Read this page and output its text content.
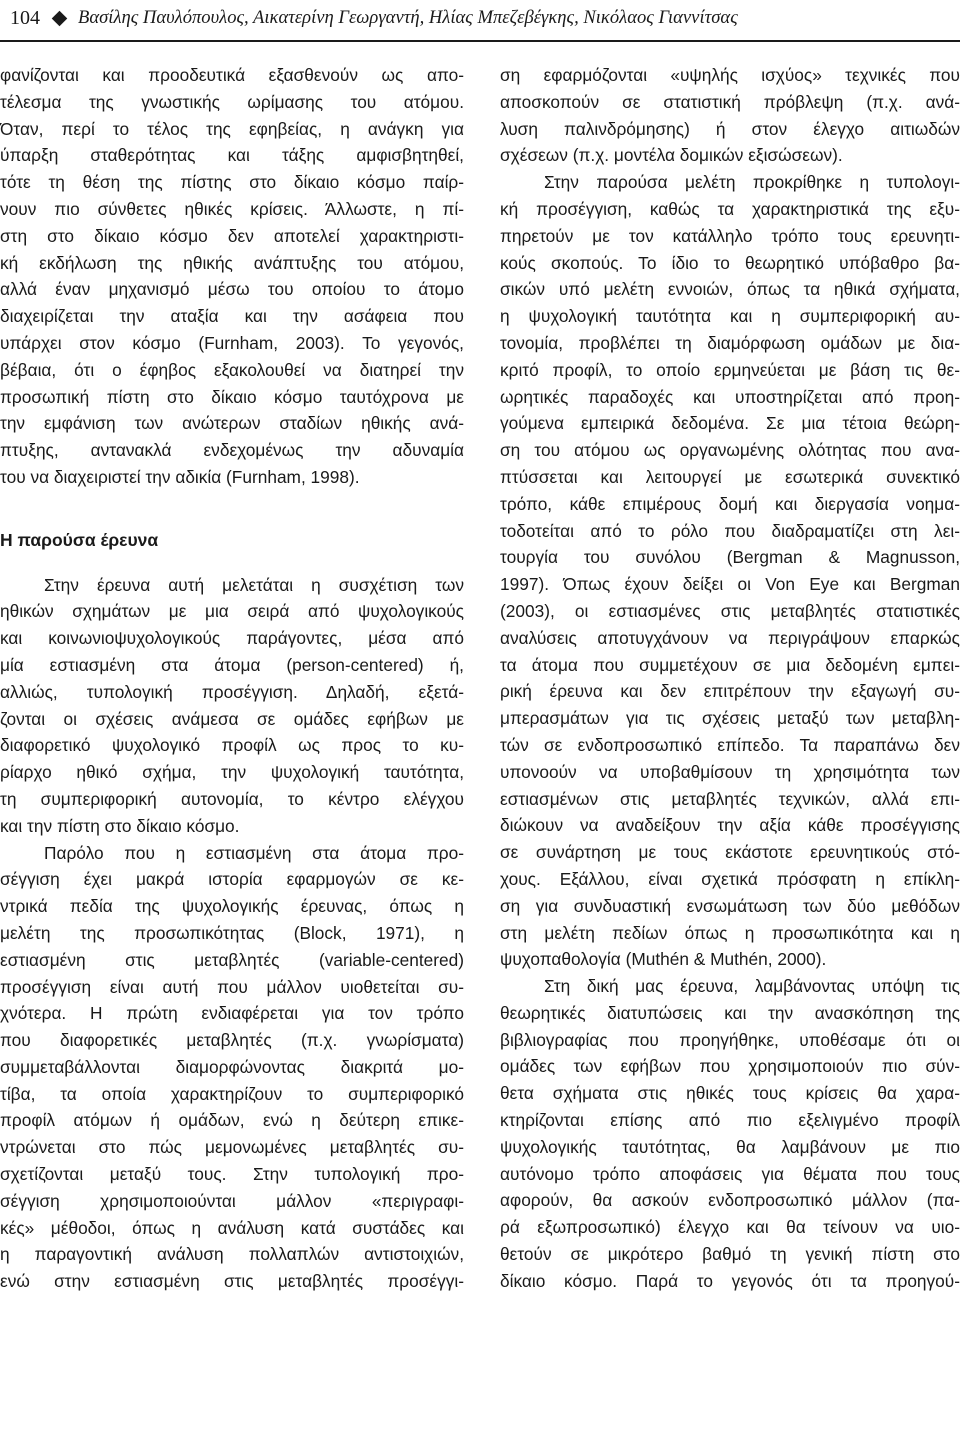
104 Βασίλης Παυλόπουλος, Αικατερίνη Γεωργαντή, Ηλίας Μπεζεβέγκης, Νικόλαος Γιαννίτσας
φανίζονται και προοδευτικά εξασθενούν ως απο-
τέλεσμα της γνωστικής ωρίμασης του ατόμου.
Όταν, περί το τέλος της εφηβείας, η ανάγκη για
ύπαρξη σταθερότητας και τάξης αμφισβητηθεί,
τότε τη θέση της πίστης στο δίκαιο κόσμο παίρ-
νουν πιο σύνθετες ηθικές κρίσεις. Άλλωστε, η πί-
στη στο δίκαιο κόσμο δεν αποτελεί χαρακτηριστι-
κή εκδήλωση της ηθικής ανάπτυξης του ατόμου,
αλλά έναν μηχανισμό μέσω του οποίου το άτομο
διαχειρίζεται την αταξία και την ασάφεια που
υπάρχει στον κόσμο (Furnham, 2003). Το γεγονός,
βέβαια, ότι ο έφηβος εξακολουθεί να διατηρεί την
προσωπική πίστη στο δίκαιο κόσμο ταυτόχρονα με
την εμφάνιση των ανώτερων σταδίων ηθικής ανά-
πτυξης, αντανακλά ενδεχομένως την αδυναμία
του να διαχειριστεί την αδικία (Furnham, 1998).
Η παρούσα έρευνα
Στην έρευνα αυτή μελετάται η συσχέτιση των
ηθικών σχημάτων με μια σειρά από ψυχολογικούς
και κοινωνιοψυχολογικούς παράγοντες, μέσα από
μία εστιασμένη στα άτομα (person-centered) ή,
αλλιώς, τυπολογική προσέγγιση. Δηλαδή, εξετά-
ζονται οι σχέσεις ανάμεσα σε ομάδες εφήβων με
διαφορετικό ψυχολογικό προφίλ ως προς το κυ-
ρίαρχο ηθικό σχήμα, την ψυχολογική ταυτότητα,
τη συμπεριφορική αυτονομία, το κέντρο ελέγχου
και την πίστη στο δίκαιο κόσμο.
Παρόλο που η εστιασμένη στα άτομα προ-
σέγγιση έχει μακρά ιστορία εφαρμογών σε κε-
ντρικά πεδία της ψυχολογικής έρευνας, όπως η
μελέτη της προσωπικότητας (Block, 1971), η
εστιασμένη στις μεταβλητές (variable-centered)
προσέγγιση είναι αυτή που μάλλον υιοθετείται συ-
χνότερα. Η πρώτη ενδιαφέρεται για τον τρόπο
που διαφορετικές μεταβλητές (π.χ. γνωρίσματα)
συμμεταβάλλονται διαμορφώνοντας διακριτά μο-
τίβα, τα οποία χαρακτηρίζουν το συμπεριφορικό
προφίλ ατόμων ή ομάδων, ενώ η δεύτερη επικε-
ντρώνεται στο πώς μεμονωμένες μεταβλητές συ-
σχετίζονται μεταξύ τους. Στην τυπολογική προ-
σέγγιση χρησιμοποιούνται μάλλον «περιγραφι-
κές» μέθοδοι, όπως η ανάλυση κατά συστάδες και
η παραγοντική ανάλυση πολλαπλών αντιστοιχιών,
ενώ στην εστιασμένη στις μεταβλητές προσέγγι-
ση εφαρμόζονται «υψηλής ισχύος» τεχνικές που
αποσκοπούν σε στατιστική πρόβλεψη (π.χ. ανά-
λυση παλινδρόμησης) ή στον έλεγχο αιτιωδών
σχέσεων (π.χ. μοντέλα δομικών εξισώσεων).
Στην παρούσα μελέτη προκρίθηκε η τυπολογι-
κή προσέγγιση, καθώς τα χαρακτηριστικά της εξυ-
πηρετούν με τον κατάλληλο τρόπο τους ερευνητι-
κούς σκοπούς. Το ίδιο το θεωρητικό υπόβαθρο βα-
σικών υπό μελέτη εννοιών, όπως τα ηθικά σχήματα,
η ψυχολογική ταυτότητα και η συμπεριφορική αυ-
τονομία, προβλέπει τη διαμόρφωση ομάδων με δια-
κριτό προφίλ, το οποίο ερμηνεύεται με βάση τις θε-
ωρητικές παραδοχές και υποστηρίζεται από προη-
γούμενα εμπειρικά δεδομένα. Σε μια τέτοια θεώρη-
ση του ατόμου ως οργανωμένης ολότητας που ανα-
πτύσσεται και λειτουργεί με εσωτερικά συνεκτικό
τρόπο, κάθε επιμέρους δομή και διεργασία νοημα-
τοδοτείται από το ρόλο που διαδραματίζει στη λει-
τουργία του συνόλου (Bergman & Magnusson,
1997). Όπως έχουν δείξει οι Von Eye και Bergman
(2003), οι εστιασμένες στις μεταβλητές στατιστικές
αναλύσεις αποτυγχάνουν να περιγράψουν επαρκώς
τα άτομα που συμμετέχουν σε μια δεδομένη εμπει-
ρική έρευνα και δεν επιτρέπουν την εξαγωγή συ-
μπερασμάτων για τις σχέσεις μεταξύ των μεταβλη-
τών σε ενδοπροσωπικό επίπεδο. Τα παραπάνω δεν
υπονοούν να υποβαθμίσουν τη χρησιμότητα των
εστιασμένων στις μεταβλητές τεχνικών, αλλά επι-
διώκουν να αναδείξουν την αξία κάθε προσέγγισης
σε συνάρτηση με τους εκάστοτε ερευνητικούς στό-
χους. Εξάλλου, είναι σχετικά πρόσφατη η επίκλη-
ση για συνδυαστική ενσωμάτωση των δύο μεθόδων
στη μελέτη πεδίων όπως η προσωπικότητα και η
ψυχοπαθολογία (Muthén & Muthén, 2000).
Στη δική μας έρευνα, λαμβάνοντας υπόψη τις
θεωρητικές διατυπώσεις και την ανασκόπηση της
βιβλιογραφίας που προηγήθηκε, υποθέσαμε ότι οι
ομάδες των εφήβων που χρησιμοποιούν πιο σύν-
θετα σχήματα στις ηθικές τους κρίσεις θα χαρα-
κτηρίζονται επίσης από πιο εξελιγμένο προφίλ
ψυχολογικής ταυτότητας, θα λαμβάνουν με πιο
αυτόνομο τρόπο αποφάσεις για θέματα που τους
αφορούν, θα ασκούν ενδοπροσωπικό μάλλον (πα-
ρά εξωπροσωπικό) έλεγχο και θα τείνουν να υιο-
θετούν σε μικρότερο βαθμό τη γενική πίστη στο
δίκαιο κόσμο. Παρά το γεγονός ότι τα προηγού-
